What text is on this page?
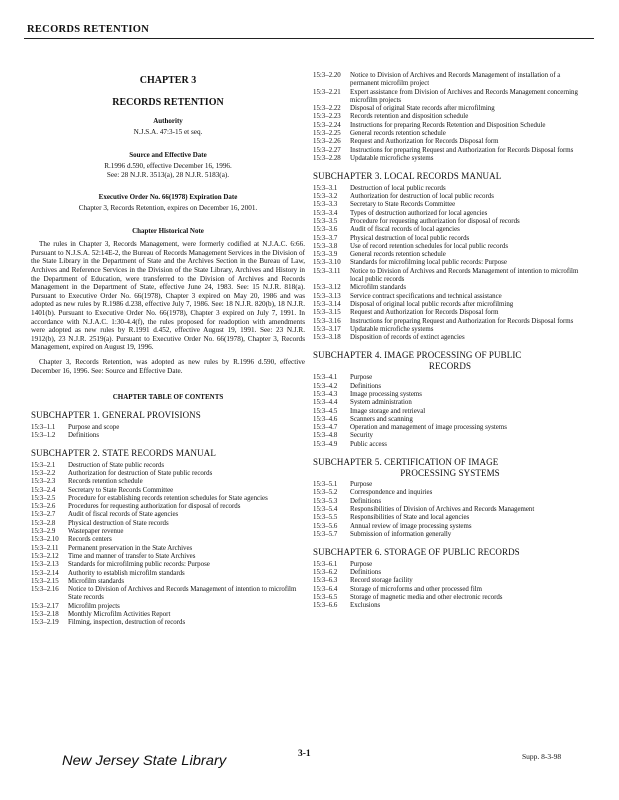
RECORDS RETENTION
CHAPTER 3
RECORDS RETENTION
Authority
N.J.S.A. 47:3-15 et seq.
Source and Effective Date
R.1996 d.590, effective December 16, 1996.
See: 28 N.J.R. 3513(a), 28 N.J.R. 5183(a).
Executive Order No. 66(1978) Expiration Date
Chapter 3, Records Retention, expires on December 16, 2001.
Chapter Historical Note

The rules in Chapter 3, Records Management, were formerly codified at N.J.A.C. 6:66. Pursuant to N.J.S.A. 52:14E-2, the Bureau of Records Management Services in the Division of the State Library in the Department of State and the Archives Section in the Bureau of Law, Archives and Reference Services in the Division of the State Library, Archives and History in the Department of Education, were transferred to the Division of Archives and Records Management in the Department of State, effective June 24, 1983. See: 15 N.J.R. 818(a). Pursuant to Executive Order No. 66(1978), Chapter 3 expired on May 20, 1986 and was adopted as new rules by R.1986 d.238, effective July 7, 1986. See: 18 N.J.R. 820(b), 18 N.J.R. 1401(b). Pursuant to Executive Order No. 66(1978), Chapter 3 expired on July 7, 1991. In accordance with N.J.A.C. 1:30-4.4(f), the rules proposed for readoption with amendments were adopted as new rules by R.1991 d.452, effective August 19, 1991. See: 23 N.J.R. 1912(b), 23 N.J.R. 2519(a). Pursuant to Executive Order No. 66(1978), Chapter 3, Records Management, expired on August 19, 1996.

Chapter 3, Records Retention, was adopted as new rules by R.1996 d.590, effective December 16, 1996. See: Source and Effective Date.

CHAPTER TABLE OF CONTENTS
SUBCHAPTER 1. GENERAL PROVISIONS
15:3–1.1	Purpose and scope
15:3–1.2	Definitions
SUBCHAPTER 2. STATE RECORDS MANUAL
15:3–2.1	Destruction of State public records
15:3–2.2	Authorization for destruction of State public records
15:3–2.3	Records retention schedule
15:3–2.4	Secretary to State Records Committee
15:3–2.5	Procedure for establishing records retention schedules for State agencies
15:3–2.6	Procedures for requesting authorization for disposal of records
15:3–2.7	Audit of fiscal records of State agencies
15:3–2.8	Physical destruction of State records
15:3–2.9	Wastepaper revenue
15:3–2.10	Records centers
15:3–2.11	Permanent preservation in the State Archives
15:3–2.12	Time and manner of transfer to State Archives
15:3–2.13	Standards for microfilming public records: Purpose
15:3–2.14	Authority to establish microfilm standards
15:3–2.15	Microfilm standards
15:3–2.16	Notice to Division of Archives and Records Management of intention to microfilm State records
15:3–2.17	Microfilm projects
15:3–2.18	Monthly Microfilm Activities Report
15:3–2.19	Filming, inspection, destruction of records
15:3–2.20	Notice to Division of Archives and Records Management of installation of a permanent microfilm project
15:3–2.21	Expert assistance from Division of Archives and Records Management concerning microfilm projects
15:3–2.22	Disposal of original State records after microfilming
15:3–2.23	Records retention and disposition schedule
15:3–2.24	Instructions for preparing Records Retention and Disposition Schedule
15:3–2.25	General records retention schedule
15:3–2.26	Request and Authorization for Records Disposal form
15:3–2.27	Instructions for preparing Request and Authorization for Records Disposal forms
15:3–2.28	Updatable microfiche systems
SUBCHAPTER 3. LOCAL RECORDS MANUAL
15:3–3.1	Destruction of local public records
15:3–3.2	Authorization for destruction of local public records
15:3–3.3	Secretary to State Records Committee
15:3–3.4	Types of destruction authorized for local agencies
15:3–3.5	Procedure for requesting authorization for disposal of records
15:3–3.6	Audit of fiscal records of local agencies
15:3–3.7	Physical destruction of local public records
15:3–3.8	Use of record retention schedules for local public records
15:3–3.9	General records retention schedule
15:3–3.10	Standards for microfilming local public records: Purpose
15:3–3.11	Notice to Division of Archives and Records Management of intention to microfilm local public records
15:3–3.12	Microfilm standards
15:3–3.13	Service contract specifications and technical assistance
15:3–3.14	Disposal of original local public records after microfilming
15:3–3.15	Request and Authorization for Records Disposal form
15:3–3.16	Instructions for preparing Request and Authorization for Records Disposal forms
15:3–3.17	Updatable microfiche systems
15:3–3.18	Disposition of records of extinct agencies
SUBCHAPTER 4. IMAGE PROCESSING OF PUBLIC
RECORDS
15:3–4.1	Purpose
15:3–4.2	Definitions
15:3–4.3	Image processing systems
15:3–4.4	System administration
15:3–4.5	Image storage and retrieval
15:3–4.6	Scanners and scanning
15:3–4.7	Operation and management of image processing systems
15:3–4.8	Security
15:3–4.9	Public access
SUBCHAPTER 5. CERTIFICATION OF IMAGE
PROCESSING SYSTEMS
15:3–5.1	Purpose
15:3–5.2	Correspondence and inquiries
15:3–5.3	Definitions
15:3–5.4	Responsibilities of Division of Archives and Records Management
15:3–5.5	Responsibilities of State and local agencies
15:3–5.6	Annual review of image processing systems
15:3–5.7	Submission of information generally
SUBCHAPTER 6. STORAGE OF PUBLIC RECORDS
15:3–6.1	Purpose
15:3–6.2	Definitions
15:3–6.3	Record storage facility
15:3–6.4	Storage of microforms and other processed film
15:3–6.5	Storage of magnetic media and other electronic records
15:3–6.6	Exclusions
New Jersey State Library	3-1	Supp. 8-3-98
